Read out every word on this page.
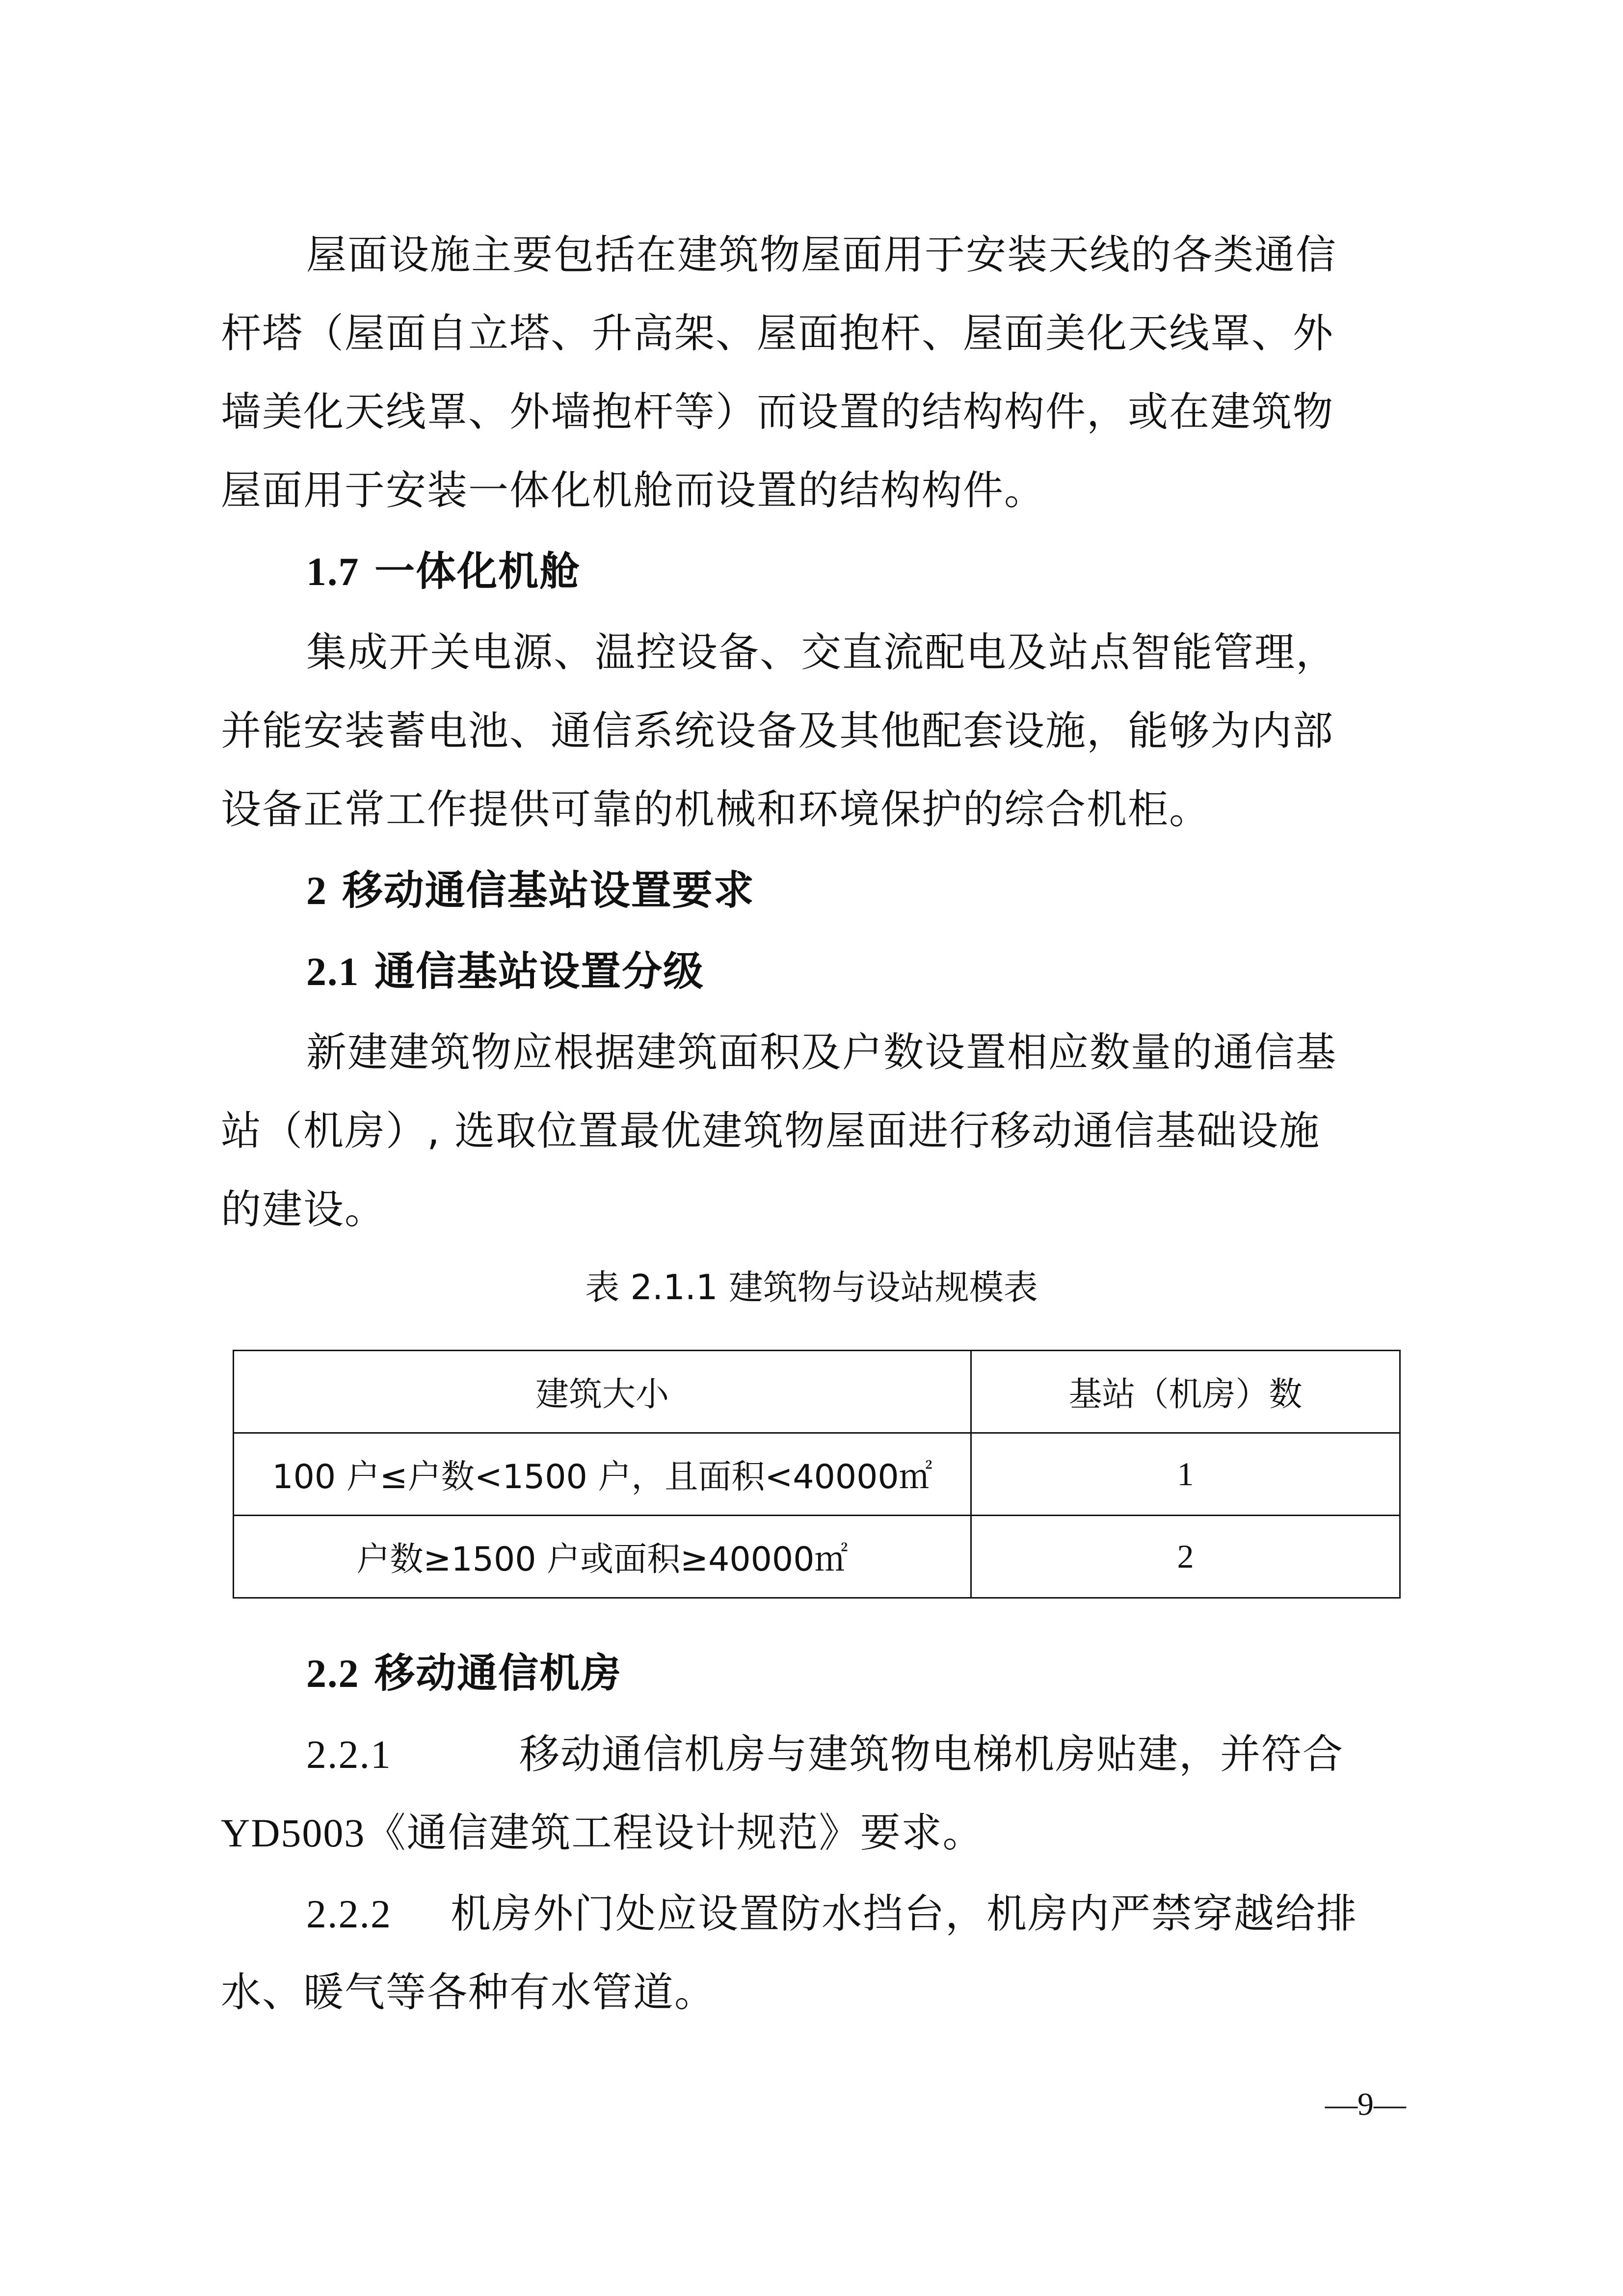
屋面设施主要包括在建筑物屋面用于安装天线的各类通信
杆塔（屋面自立塔、升高架、屋面抱杆、屋面美化天线罩、外
墙美化天线罩、外墙抱杆等）而设置的结构构件，或在建筑物
屋面用于安装一体化机舱而设置的结构构件。
1.7 一体化机舱
集成开关电源、温控设备、交直流配电及站点智能管理，
并能安装蓄电池、通信系统设备及其他配套设施，能够为内部
设备正常工作提供可靠的机械和环境保护的综合机柜。
2 移动通信基站设置要求
2.1 通信基站设置分级
新建建筑物应根据建筑面积及户数设置相应数量的通信基
站（机房）, 选取位置最优建筑物屋面进行移动通信基础设施
的建设。
表 2.1.1 建筑物与设站规模表
建筑大小	基站（机房）数
100 户≤户数<1500 户，且面积<40000㎡	1
户数≥1500 户或面积≥40000㎡	2
2.2 移动通信机房
2.2.1	移动通信机房与建筑物电梯机房贴建，并符合
YD5003《通信建筑工程设计规范》要求。
2.2.2 机房外门处应设置防水挡台，机房内严禁穿越给排
水、暖气等各种有水管道。
—9—
